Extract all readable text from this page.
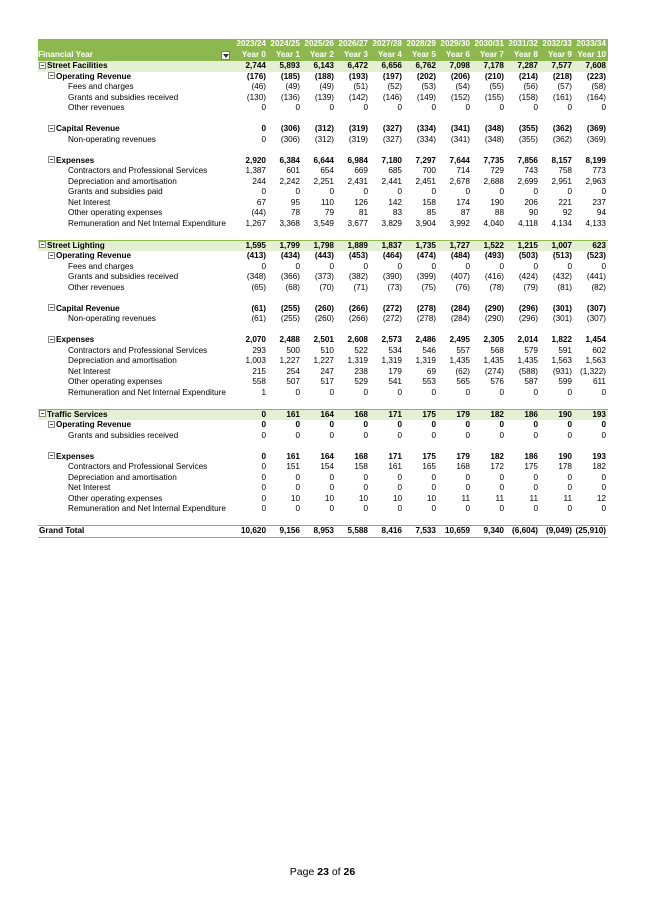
	2023/24	2024/25	2025/26	2026/27	2027/28	2028/29	2029/30	2030/31	2031/32	2032/33	2033/34
Financial Year	Year 0	Year 1	Year 2	Year 3	Year 4	Year 5	Year 6	Year 7	Year 8	Year 9	Year 10
Street Facilities	2,744	5,893	6,143	6,472	6,656	6,762	7,098	7,178	7,287	7,577	7,608
Operating Revenue	(176)	(185)	(188)	(193)	(197)	(202)	(206)	(210)	(214)	(218)	(223)
Fees and charges	(46)	(49)	(49)	(51)	(52)	(53)	(54)	(55)	(56)	(57)	(58)
Grants and subsidies received	(130)	(136)	(139)	(142)	(146)	(149)	(152)	(155)	(158)	(161)	(164)
Other revenues	0	0	0	0	0	0	0	0	0	0	0

Capital Revenue	0	(306)	(312)	(319)	(327)	(334)	(341)	(348)	(355)	(362)	(369)
Non-operating revenues	0	(306)	(312)	(319)	(327)	(334)	(341)	(348)	(355)	(362)	(369)

Expenses	2,920	6,384	6,644	6,984	7,180	7,297	7,644	7,735	7,856	8,157	8,199
Contractors and Professional Services	1,387	601	654	669	685	700	714	729	743	758	773
Depreciation and amortisation	244	2,242	2,251	2,431	2,441	2,451	2,678	2,688	2,699	2,951	2,963
Grants and subsidies paid	0	0	0	0	0	0	0	0	0	0	0
Net Interest	67	95	110	126	142	158	174	190	206	221	237
Other operating expenses	(44)	78	79	81	83	85	87	88	90	92	94
Remuneration and Net Internal Expenditure	1,267	3,368	3,549	3,677	3,829	3,904	3,992	4,040	4,118	4,134	4,133

Street Lighting	1,595	1,799	1,798	1,889	1,837	1,735	1,727	1,522	1,215	1,007	623
Operating Revenue	(413)	(434)	(443)	(453)	(464)	(474)	(484)	(493)	(503)	(513)	(523)
Fees and charges	0	0	0	0	0	0	0	0	0	0	0
Grants and subsidies received	(348)	(366)	(373)	(382)	(390)	(399)	(407)	(416)	(424)	(432)	(441)
Other revenues	(65)	(68)	(70)	(71)	(73)	(75)	(76)	(78)	(79)	(81)	(82)

Capital Revenue	(61)	(255)	(260)	(266)	(272)	(278)	(284)	(290)	(296)	(301)	(307)
Non-operating revenues	(61)	(255)	(260)	(266)	(272)	(278)	(284)	(290)	(296)	(301)	(307)

Expenses	2,070	2,488	2,501	2,608	2,573	2,486	2,495	2,305	2,014	1,822	1,454
Contractors and Professional Services	293	500	510	522	534	546	557	568	579	591	602
Depreciation and amortisation	1,003	1,227	1,227	1,319	1,319	1,319	1,435	1,435	1,435	1,563	1,563
Net Interest	215	254	247	238	179	69	(62)	(274)	(588)	(931)	(1,322)
Other operating expenses	558	507	517	529	541	553	565	576	587	599	611
Remuneration and Net Internal Expenditure	1	0	0	0	0	0	0	0	0	0	0

Traffic Services	0	161	164	168	171	175	179	182	186	190	193
Operating Revenue	0	0	0	0	0	0	0	0	0	0	0
Grants and subsidies received	0	0	0	0	0	0	0	0	0	0	0

Expenses	0	161	164	168	171	175	179	182	186	190	193
Contractors and Professional Services	0	151	154	158	161	165	168	172	175	178	182
Depreciation and amortisation	0	0	0	0	0	0	0	0	0	0	0
Net Interest	0	0	0	0	0	0	0	0	0	0	0
Other operating expenses	0	10	10	10	10	10	11	11	11	11	12
Remuneration and Net Internal Expenditure	0	0	0	0	0	0	0	0	0	0	0

Grand Total	10,620	9,156	8,953	5,588	8,416	7,533	10,659	9,340	(6,604)	(9,049)	(25,910)
Page 23 of 26
